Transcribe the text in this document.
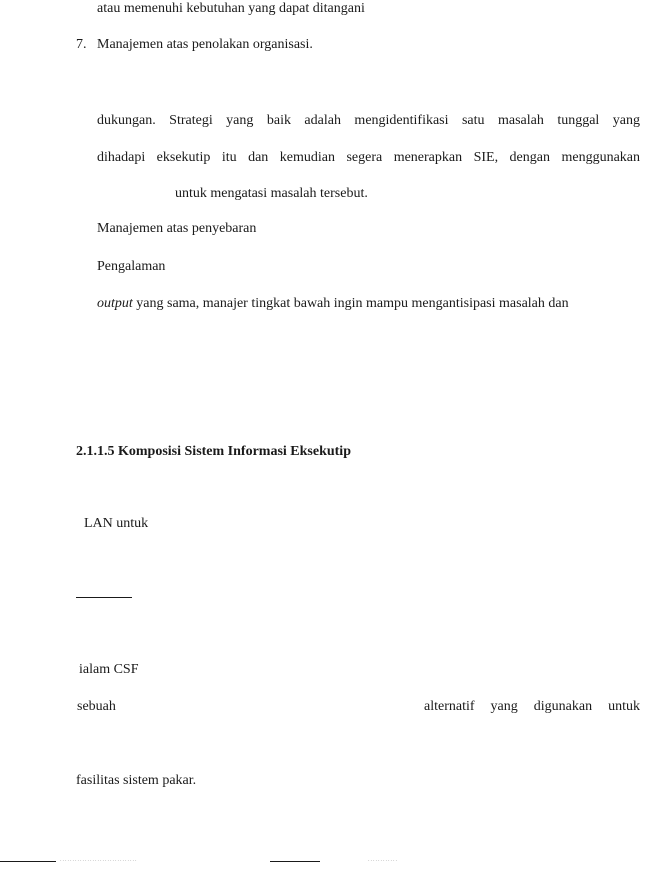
atau memenuhi kebutuhan yang dapat ditangani
7. Manajemen atas penolakan organisasi.
dukungan. Strategi yang baik adalah mengidentifikasi satu masalah tunggal yang
dihadapi eksekutip itu dan kemudian segera menerapkan SIE, dengan menggunakan
untuk mengatasi masalah tersebut.
Manajemen atas penyebaran
Pengalaman
output yang sama, manajer tingkat bawah ingin mampu mengantisipasi masalah dan
2.1.1.5 Komposisi Sistem Informasi Eksekutip
LAN untuk
ialam CSF
sebuah	alternatif yang digunakan untuk
fasilitas sistem pakar.
...............................	............
